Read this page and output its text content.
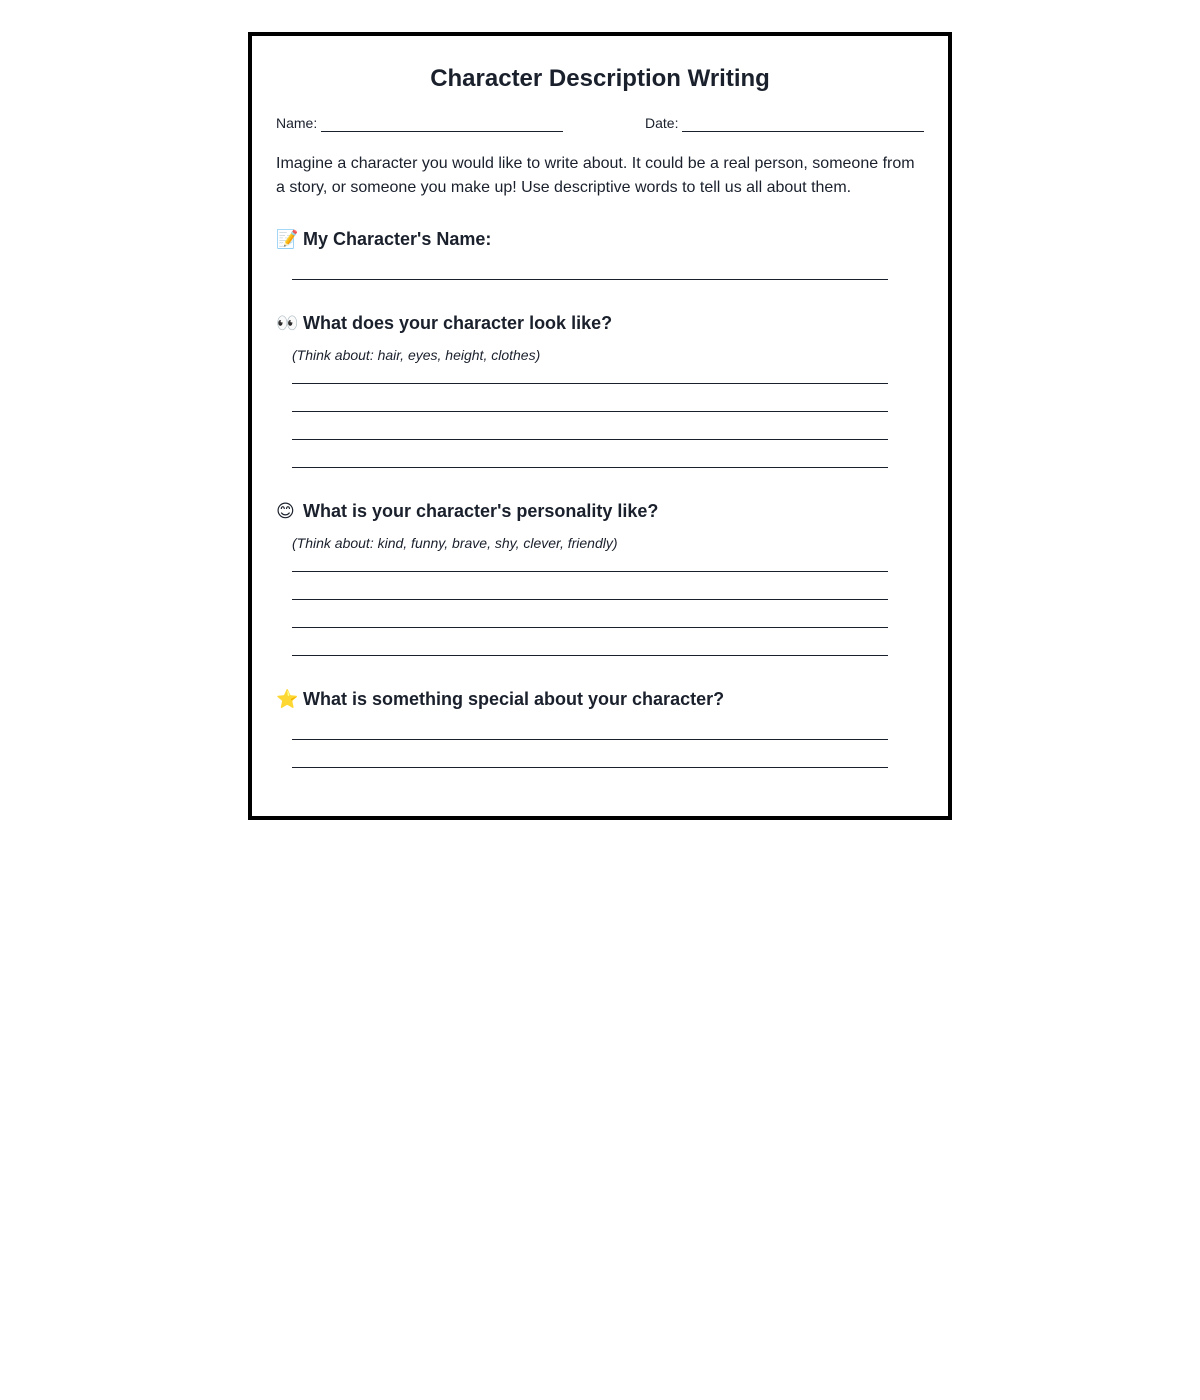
Character Description Writing
Name:	Date:

Imagine a character you would like to write about. It could be a real person, someone from a story, or someone you make up! Use descriptive words to tell us all about them.

📝 My Character's Name:
👀 What does your character look like?

(Think about: hair, eyes, height, clothes)

😊 What is your character's personality like?

(Think about: kind, funny, brave, shy, clever, friendly)

⭐ What is something special about your character?
